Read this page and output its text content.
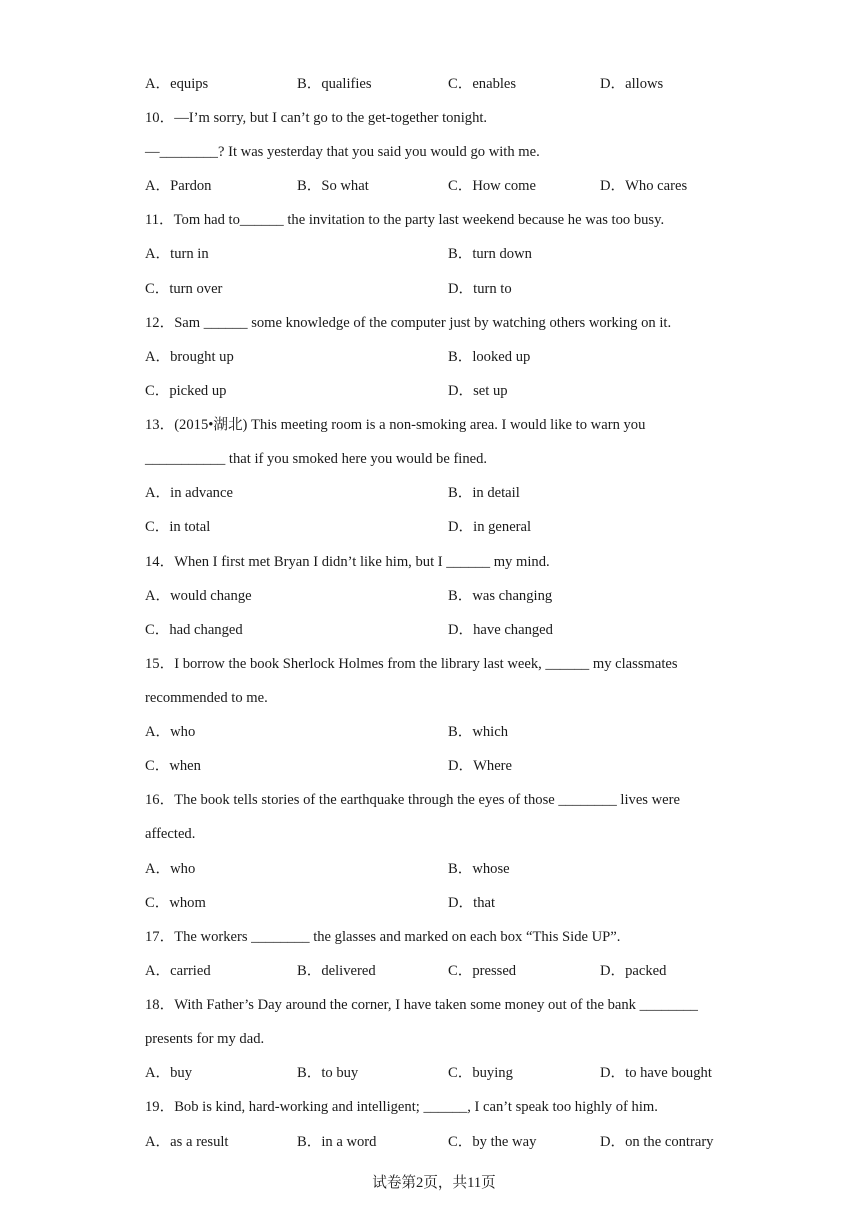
A．equips	B．qualifies	C．enables	D．allows
10．—I’m sorry, but I can’t go to the get-together tonight.
—________? It was yesterday that you said you would go with me.
A．Pardon	B．So what	C．How come	D．Who cares
11．Tom had to______ the invitation to the party last weekend because he was too busy.
A．turn in	B．turn down
C．turn over	D．turn to
12．Sam ______ some knowledge of the computer just by watching others working on it.
A．brought up	B．looked up
C．picked up	D．set up
13．(2015•湖北) This meeting room is a non-smoking area. I would like to warn you
___________ that if you smoked here you would be fined.
A．in advance	B．in detail
C．in total	D．in general
14．When I first met Bryan I didn’t like him, but I ______ my mind.
A．would change	B．was changing
C．had changed	D．have changed
15．I borrow the book Sherlock Holmes from the library last week, ______ my classmates
recommended to me.
A．who	B．which
C．when	D．Where
16．The book tells stories of the earthquake through the eyes of those ________ lives were
affected.
A．who	B．whose
C．whom	D．that
17．The workers ________ the glasses and marked on each box “This Side UP”.
A．carried	B．delivered	C．pressed	D．packed
18．With Father’s Day around the corner, I have taken some money out of the bank ________
presents for my dad.
A．buy	B．to buy	C．buying	D．to have bought
19．Bob is kind, hard-working and intelligent; ______, I can’t speak too highly of him.
A．as a result	B．in a word	C．by the way	D．on the contrary
试卷第2页，共11页
